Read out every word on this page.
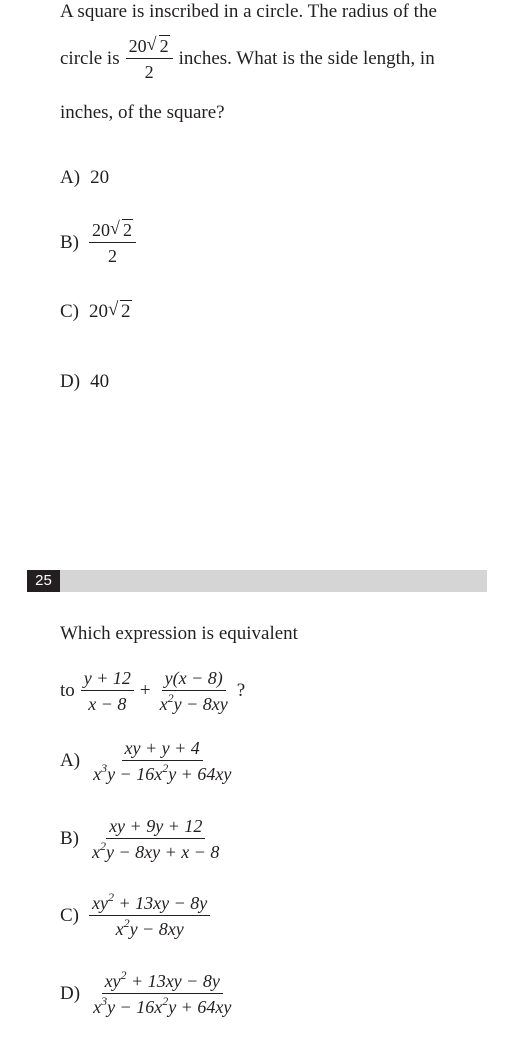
A square is inscribed in a circle. The radius of the
circle is $\frac{20 √ 2}{2}$ inches. What is the side length, in
inches, of the square?
A) 20
$B) \frac{20 √ 2}{2}$
C) 20 √ 2
D) 40
25
Which expression is equivalent
to $\frac{y + 12}{x - 8} + \frac{y(x - 8)}{x^2y - 8xy}$ ?
$A) \frac{xy + y + 4}{x^3y - 16x^2y + 64xy}$
$B) \frac{xy + 9y + 12}{x^2y - 8xy + x - 8}$
$C) \frac{xy^2 + 13xy - 8y}{x^2y - 8xy}$
$D) \frac{xy^2 + 13xy - 8y}{x^3y - 16x^2y + 64xy}$
